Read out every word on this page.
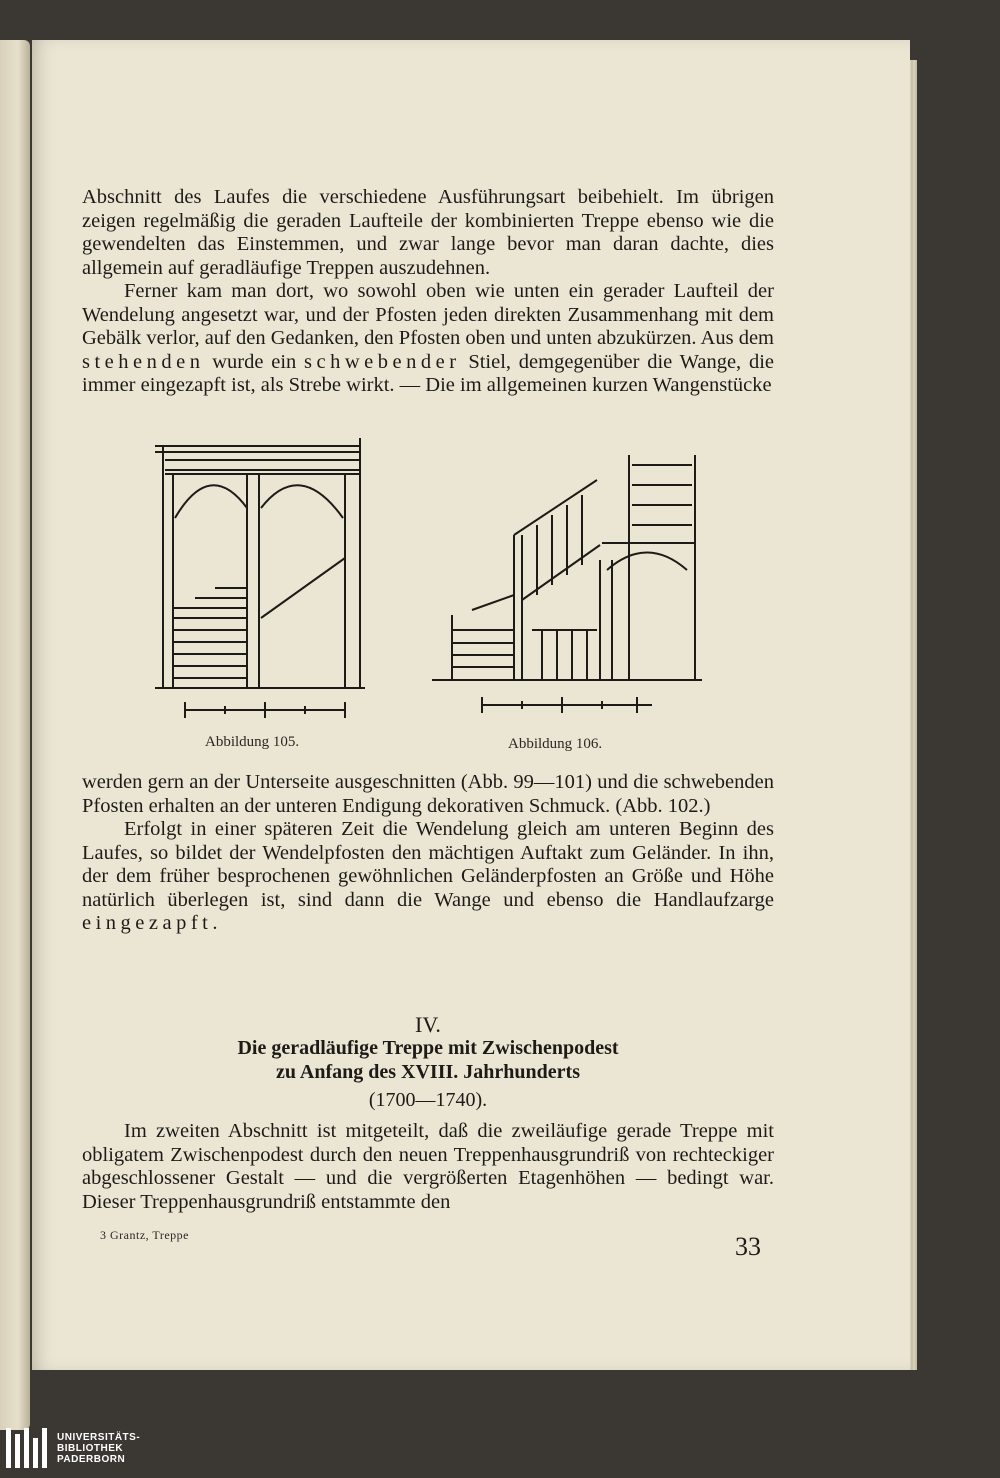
Abschnitt des Laufes die verschiedene Ausführungsart beibehielt. Im übrigen zeigen regelmäßig die geraden Laufteile der kombinierten Treppe ebenso wie die gewendelten das Einstemmen, und zwar lange bevor man daran dachte, dies allgemein auf geradläufige Treppen auszudehnen.

Ferner kam man dort, wo sowohl oben wie unten ein gerader Laufteil der Wendelung angesetzt war, und der Pfosten jeden direkten Zusammenhang mit dem Gebälk verlor, auf den Gedanken, den Pfosten oben und unten abzukürzen. Aus dem stehenden wurde ein schwebender Stiel, demgegenüber die Wange, die immer eingezapft ist, als Strebe wirkt. — Die im allgemeinen kurzen Wangenstücke

Abbildung 105.	Abbildung 106.

werden gern an der Unterseite ausgeschnitten (Abb. 99—101) und die schwebenden Pfosten erhalten an der unteren Endigung dekorativen Schmuck. (Abb. 102.)

Erfolgt in einer späteren Zeit die Wendelung gleich am unteren Beginn des Laufes, so bildet der Wendelpfosten den mächtigen Auftakt zum Geländer. In ihn, der dem früher besprochenen gewöhnlichen Geländerpfosten an Größe und Höhe natürlich überlegen ist, sind dann die Wange und ebenso die Handlaufzarge eingezapft.

IV.
Die geradläufige Treppe mit Zwischenpodest
zu Anfang des XVIII. Jahrhunderts
(1700—1740).

Im zweiten Abschnitt ist mitgeteilt, daß die zweiläufige gerade Treppe mit obligatem Zwischenpodest durch den neuen Treppenhausgrundriß von rechteckiger abgeschlossener Gestalt — und die vergrößerten Etagenhöhen — bedingt war. Dieser Treppenhausgrundriß entstammte den

3 Grantz, Treppe	33
UNIVERSITÄTS-
BIBLIOTHEK
PADERBORN
